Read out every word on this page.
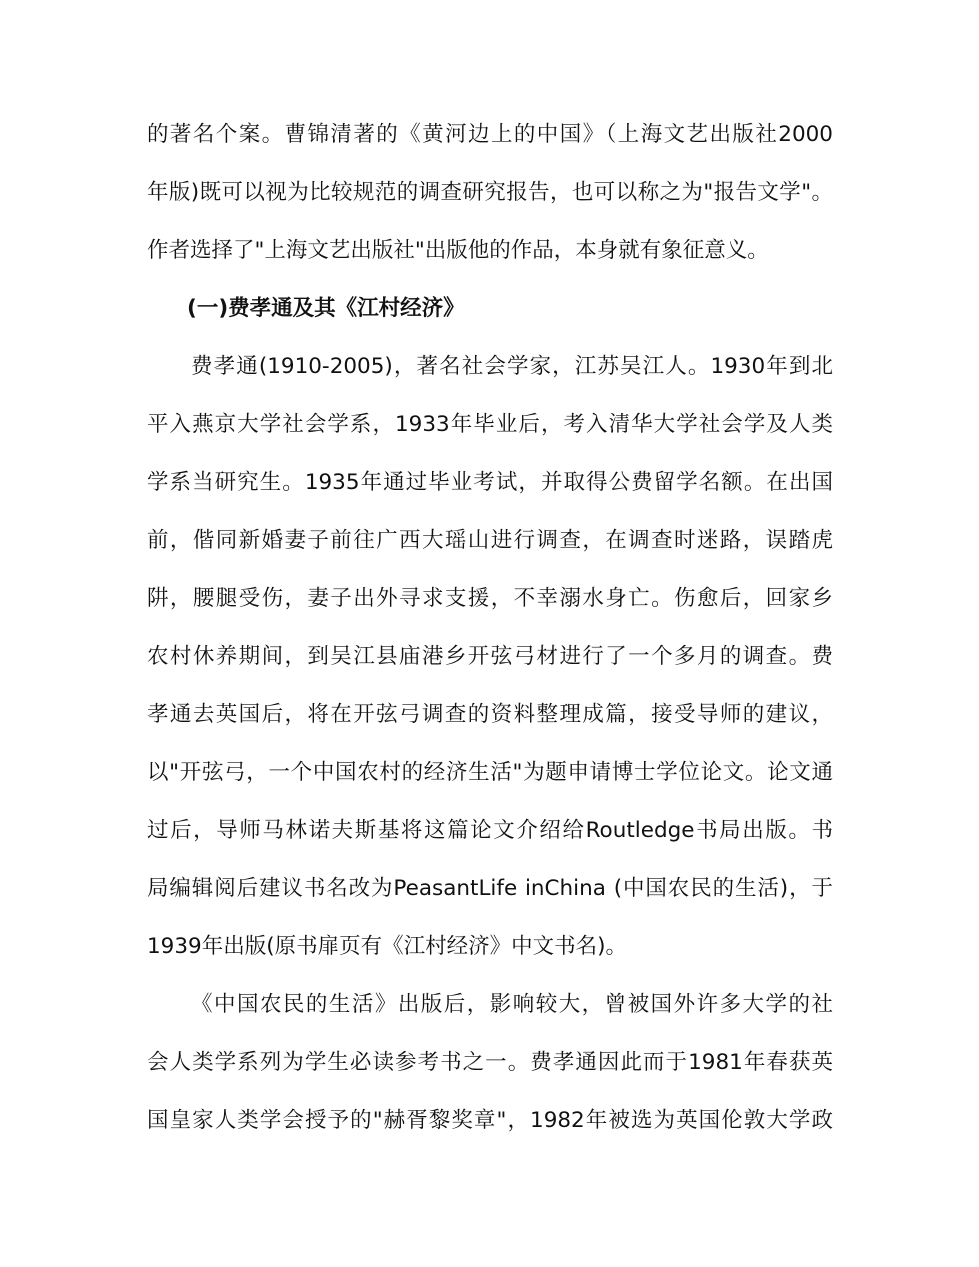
的著名个案。曹锦清著的《黄河边上的中国》（上海文艺出版社2000
年版)既可以视为比较规范的调查研究报告，也可以称之为"报告文学"。
作者选择了"上海文艺出版社"出版他的作品，本身就有象征意义。
(一)费孝通及其《江村经济》
费孝通(1910-2005)，著名社会学家，江苏吴江人。1930年到北
平入燕京大学社会学系，1933年毕业后，考入清华大学社会学及人类
学系当研究生。1935年通过毕业考试，并取得公费留学名额。在出国
前，偕同新婚妻子前往广西大瑶山进行调查，在调查时迷路，误踏虎
阱，腰腿受伤，妻子出外寻求支援，不幸溺水身亡。伤愈后，回家乡
农村休养期间，到吴江县庙港乡开弦弓材进行了一个多月的调查。费
孝通去英国后，将在开弦弓调查的资料整理成篇，接受导师的建议，
以"开弦弓，一个中国农村的经济生活"为题申请博士学位论文。论文通
过后，导师马林诺夫斯基将这篇论文介绍给Routledge书局出版。书
局编辑阅后建议书名改为PeasantLife inChina (中国农民的生活)，于
1939年出版(原书扉页有《江村经济》中文书名)。
《中国农民的生活》出版后，影响较大，曾被国外许多大学的社
会人类学系列为学生必读参考书之一。费孝通因此而于1981年春获英
国皇家人类学会授予的"赫胥黎奖章"，1982年被选为英国伦敦大学政
